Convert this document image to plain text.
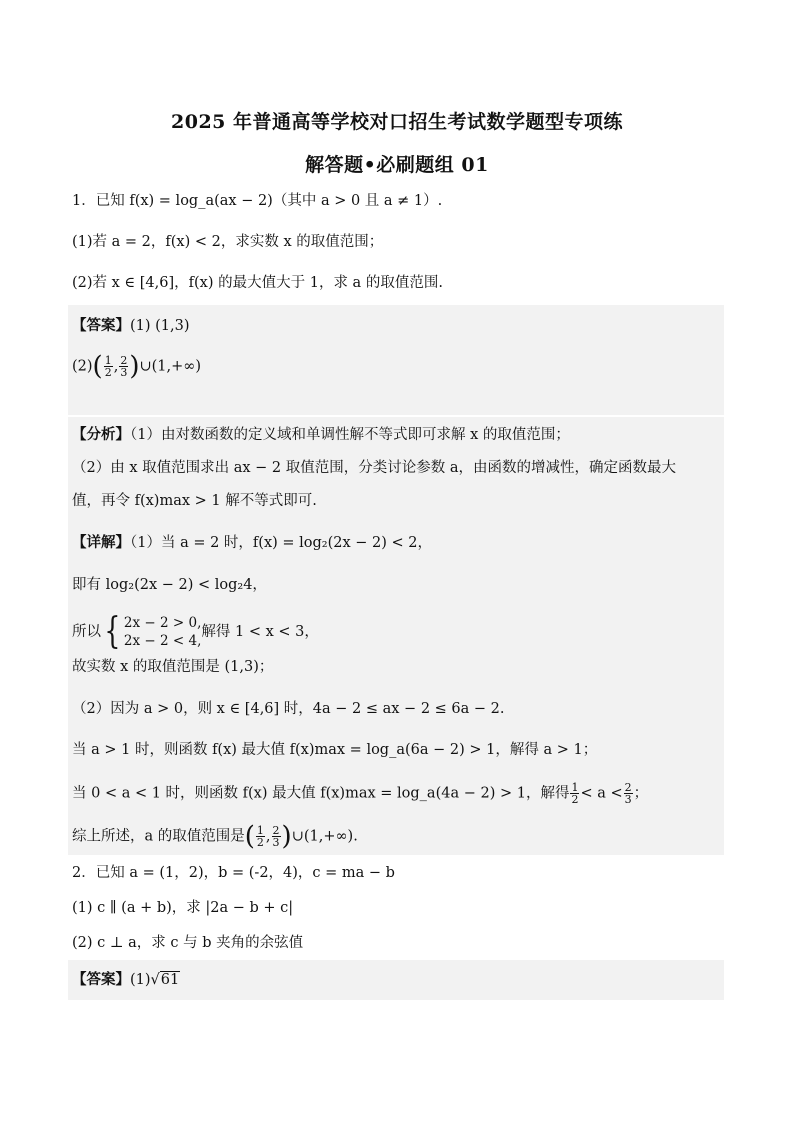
2025 年普通高等学校对口招生考试数学题型专项练
解答题•必刷题组 01
1．已知 f(x) = log_a(ax − 2)（其中 a > 0 且 a ≠ 1）.
(1)若 a = 2，f(x) < 2，求实数 x 的取值范围；
(2)若 x ∈ [4,6]，f(x) 的最大值大于 1，求 a 的取值范围.
【答案】(1) (1,3)
$(2)( \frac{1}{2}$ , $\frac{2}{3}$ )∪(1,+∞)
【分析】（1）由对数函数的定义域和单调性解不等式即可求解 x 的取值范围；
（2）由 x 取值范围求出 ax − 2 取值范围，分类讨论参数 a，由函数的增减性，确定函数最大
值，再令 f(x)max > 1 解不等式即可.
【详解】（1）当 a = 2 时，f(x) = log₂(2x − 2) < 2，
即有 log₂(2x − 2) < log₂4，
所以{ 2x − 2 > 0,
2x − 2 < 4,
解得 1 < x < 3，
故实数 x 的取值范围是 (1,3)；
（2）因为 a > 0，则 x ∈ [4,6] 时，4a − 2 ≤ ax − 2 ≤ 6a − 2.
当 a > 1 时，则函数 f(x) 最大值 f(x)max = log_a(6a − 2) > 1，解得 a > 1；
当 0 < a < 1 时，则函数 f(x) 最大值 f(x)max = log_a(4a − 2) > 1，解得 $\frac{1}{2} < a < \frac{2}{3}$ ；
综上所述，a 的取值范围是( $\frac{1}{2}$ , $\frac{2}{3}$ )∪(1,+∞).
2．已知 a = (1，2)，b = (-2，4)，c = ma − b
(1) c ∥ (a + b)，求 |2a − b + c|
(2) c ⊥ a，求 c 与 b 夹角的余弦值
【答案】(1)√61
